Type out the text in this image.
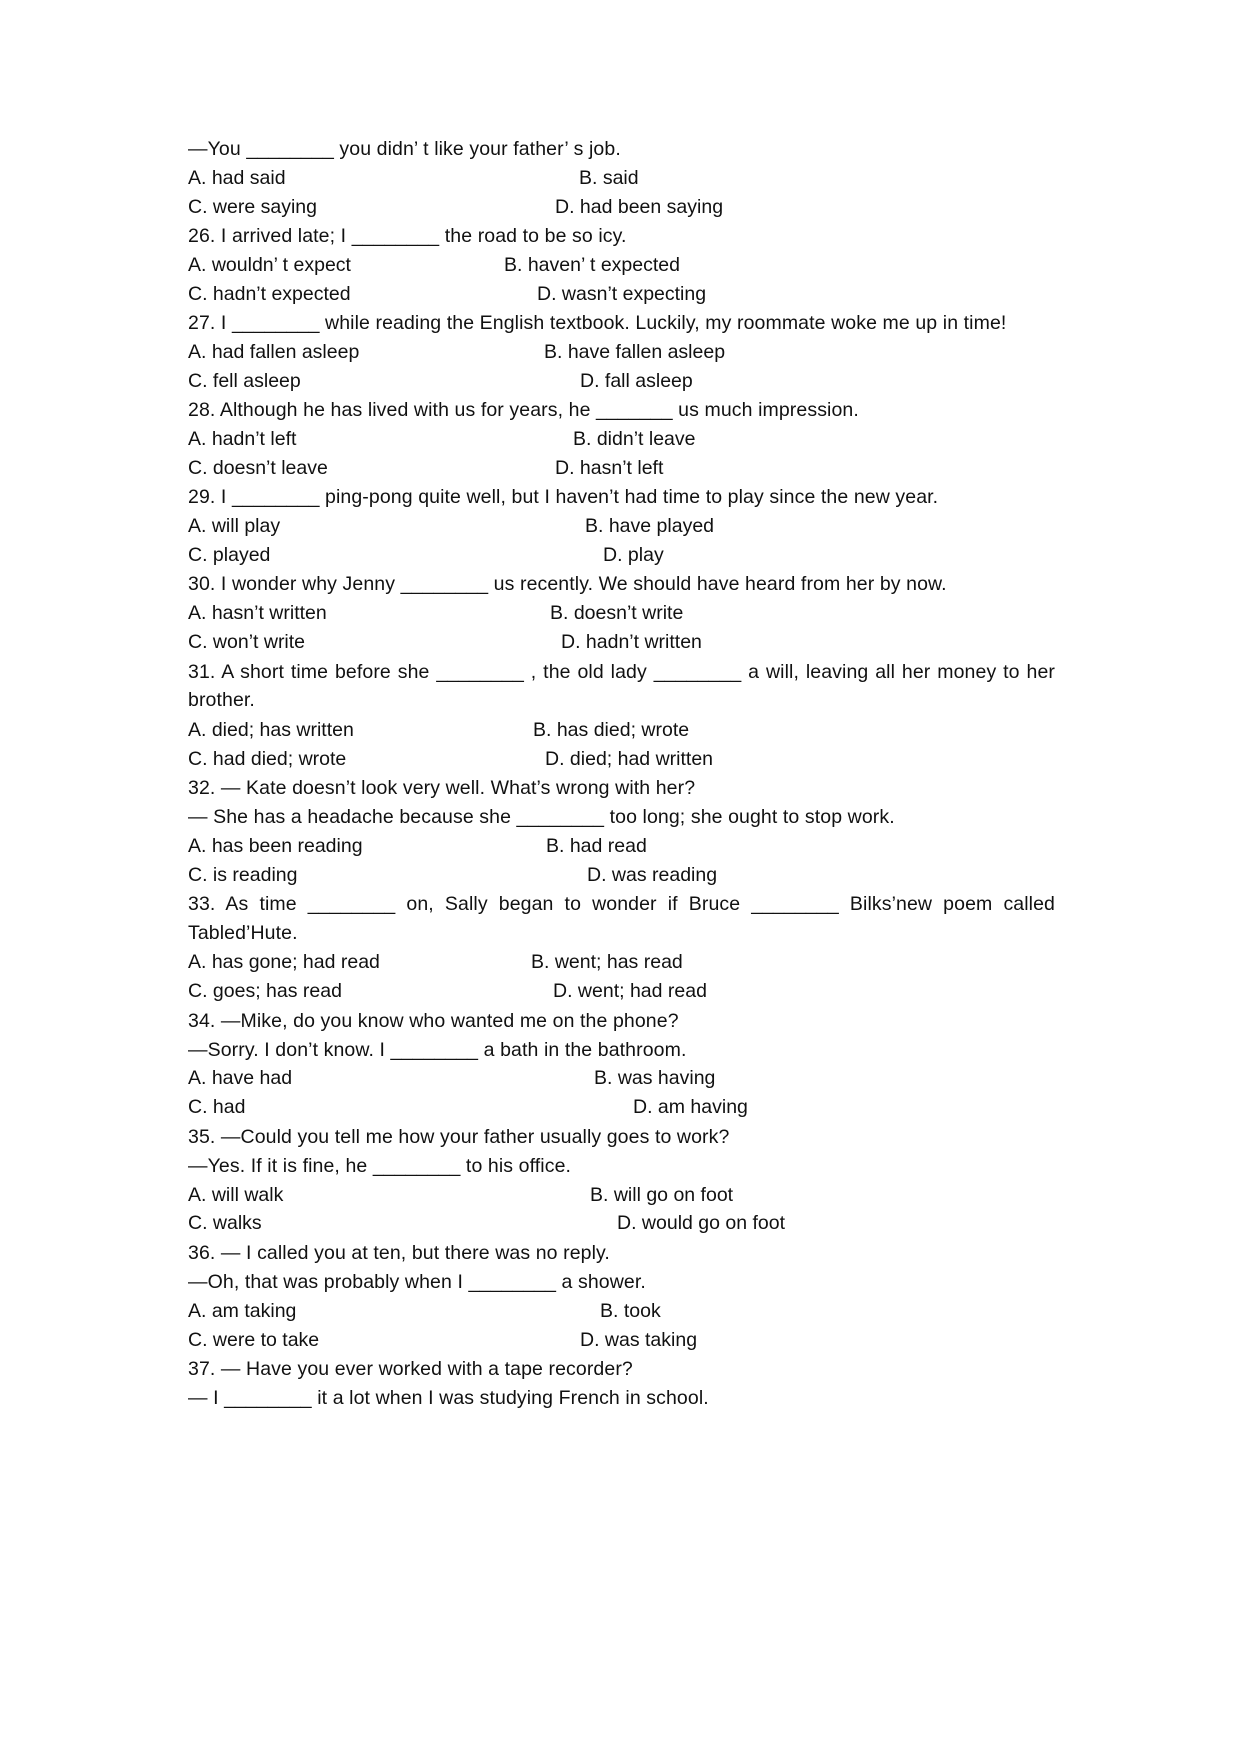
—You ________ you didn’ t like your father’ s job.
A. had said	B. said
C. were saying	D. had been saying
26. I arrived late; I ________ the road to be so icy.
A. wouldn’ t expect	B. haven’ t expected
C. hadn’t expected	D. wasn’t expecting
27. I ________ while reading the English textbook. Luckily, my roommate woke me up in time!
A. had fallen asleep	B. have fallen asleep
C. fell asleep	D. fall asleep
28. Although he has lived with us for years, he _______ us much impression.
A. hadn’t left	B. didn’t leave
C. doesn’t leave	D. hasn’t left
29. I ________ ping-pong quite well, but I haven’t had time to play since the new year.
A. will play	B. have played
C. played	D. play
30. I wonder why Jenny ________ us recently. We should have heard from her by now.
A. hasn’t written	B. doesn’t write
C. won’t write	D. hadn’t written
31. A short time before she ________ , the old lady ________ a will, leaving all her money to her
brother.
A. died; has written	B. has died; wrote
C. had died; wrote	D. died; had written
32. — Kate doesn’t look very well. What’s wrong with her?
— She has a headache because she ________ too long; she ought to stop work.
A. has been reading	B. had read
C. is reading	D. was reading
33. As time ________ on, Sally began to wonder if Bruce ________ Bilks’new poem called
Tabled’Hute.
A. has gone; had read	B. went; has read
C. goes; has read	D. went; had read
34. —Mike, do you know who wanted me on the phone?
—Sorry. I don’t know. I ________ a bath in the bathroom.
A. have had	B. was having
C. had	D. am having
35. —Could you tell me how your father usually goes to work?
—Yes. If it is fine, he ________ to his office.
A. will walk	B. will go on foot
C. walks	D. would go on foot
36. — I called you at ten, but there was no reply.
—Oh, that was probably when I ________ a shower.
A. am taking	B. took
C. were to take	D. was taking
37. — Have you ever worked with a tape recorder?
— I ________ it a lot when I was studying French in school.
